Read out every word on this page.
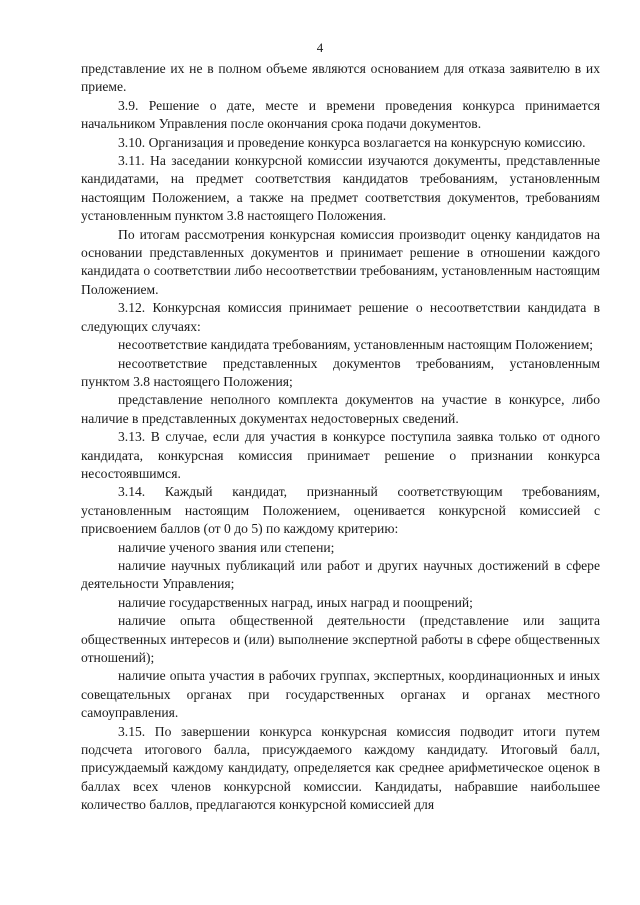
4

представление их не в полном объеме являются основанием для отказа заявителю в их приеме.

3.9. Решение о дате, месте и времени проведения конкурса принимается начальником Управления после окончания срока подачи документов.

3.10. Организация и проведение конкурса возлагается на конкурсную комиссию.

3.11. На заседании конкурсной комиссии изучаются документы, представленные кандидатами, на предмет соответствия кандидатов требованиям, установленным настоящим Положением, а также на предмет соответствия документов, требованиям установленным пунктом 3.8 настоящего Положения.

По итогам рассмотрения конкурсная комиссия производит оценку кандидатов на основании представленных документов и принимает решение в отношении каждого кандидата о соответствии либо несоответствии требованиям, установленным настоящим Положением.

3.12. Конкурсная комиссия принимает решение о несоответствии кандидата в следующих случаях:

несоответствие кандидата требованиям, установленным настоящим Положением;

несоответствие представленных документов требованиям, установленным пунктом 3.8 настоящего Положения;

представление неполного комплекта документов на участие в конкурсе, либо наличие в представленных документах недостоверных сведений.

3.13. В случае, если для участия в конкурсе поступила заявка только от одного кандидата, конкурсная комиссия принимает решение о признании конкурса несостоявшимся.

3.14. Каждый кандидат, признанный соответствующим требованиям, установленным настоящим Положением, оценивается конкурсной комиссией с присвоением баллов (от 0 до 5) по каждому критерию:

наличие ученого звания или степени;

наличие научных публикаций или работ и других научных достижений в сфере деятельности Управления;

наличие государственных наград, иных наград и поощрений;

наличие опыта общественной деятельности (представление или защита общественных интересов и (или) выполнение экспертной работы в сфере общественных отношений);

наличие опыта участия в рабочих группах, экспертных, координационных и иных совещательных органах при государственных органах и органах местного самоуправления.

3.15. По завершении конкурса конкурсная комиссия подводит итоги путем подсчета итогового балла, присуждаемого каждому кандидату. Итоговый балл, присуждаемый каждому кандидату, определяется как среднее арифметическое оценок в баллах всех членов конкурсной комиссии. Кандидаты, набравшие наибольшее количество баллов, предлагаются конкурсной комиссией для
